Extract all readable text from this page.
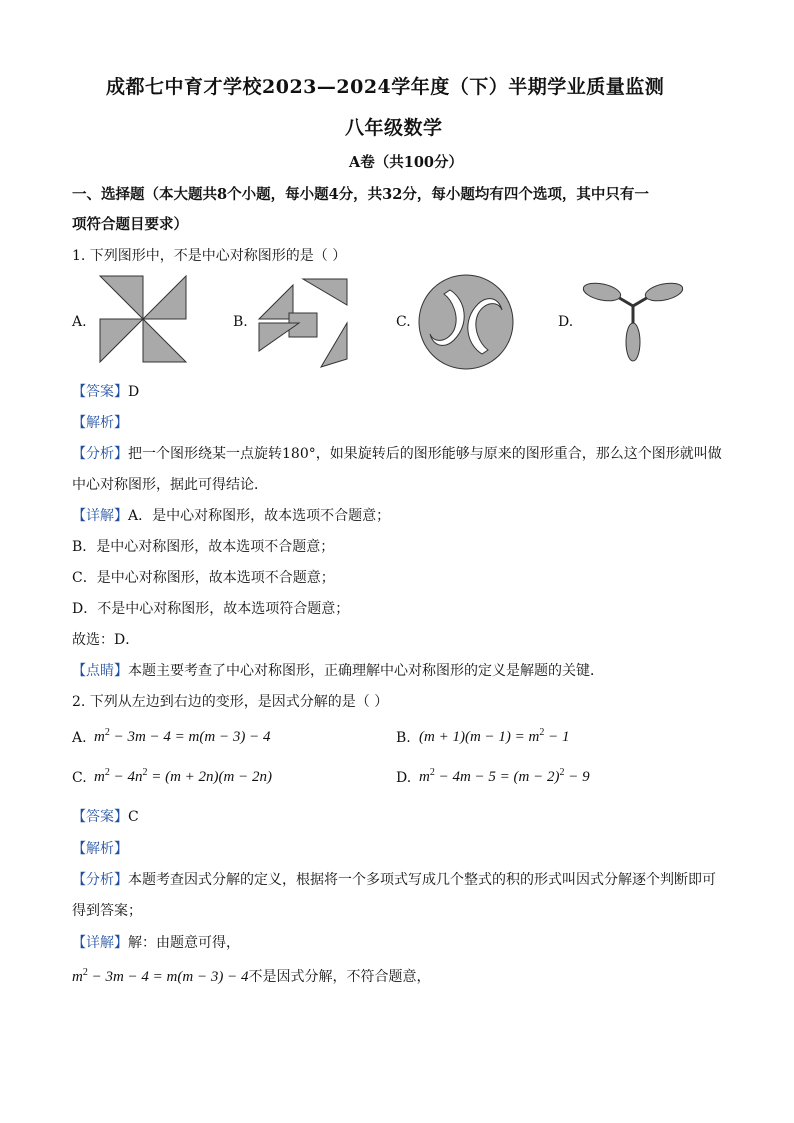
成都七中育才学校2023—2024学年度（下）半期学业质量监测
八年级数学
A卷（共100分）
一、选择题（本大题共8个小题，每小题4分，共32分，每小题均有四个选项，其中只有一
项符合题目要求）
1. 下列图形中，不是中心对称图形的是（ ）
A.	B.	C.	D.
【答案】D
【解析】
【分析】把一个图形绕某一点旋转180°，如果旋转后的图形能够与原来的图形重合，那么这个图形就叫做
中心对称图形，据此可得结论．
【详解】A．是中心对称图形，故本选项不合题意；
B．是中心对称图形，故本选项不合题意；
C．是中心对称图形，故本选项不合题意；
D．不是中心对称图形，故本选项符合题意；
故选：D．
【点睛】本题主要考查了中心对称图形，正确理解中心对称图形的定义是解题的关键．
2. 下列从左边到右边的变形，是因式分解的是（ ）
A. $m^2 - 3m - 4 = m(m - 3) - 4$	B. $(m + 1)(m - 1) = m^2 - 1$
C. $m^2 - 4n^2 = (m + 2n)(m - 2n)$	D. $m^2 - 4m - 5 = (m - 2)^2 - 9$
【答案】C
【解析】
【分析】本题考查因式分解的定义，根据将一个多项式写成几个整式的积的形式叫因式分解逐个判断即可
得到答案；
【详解】解：由题意可得，
$m^2 - 3m - 4 = m(m - 3) - 4$不是因式分解，不符合题意，
